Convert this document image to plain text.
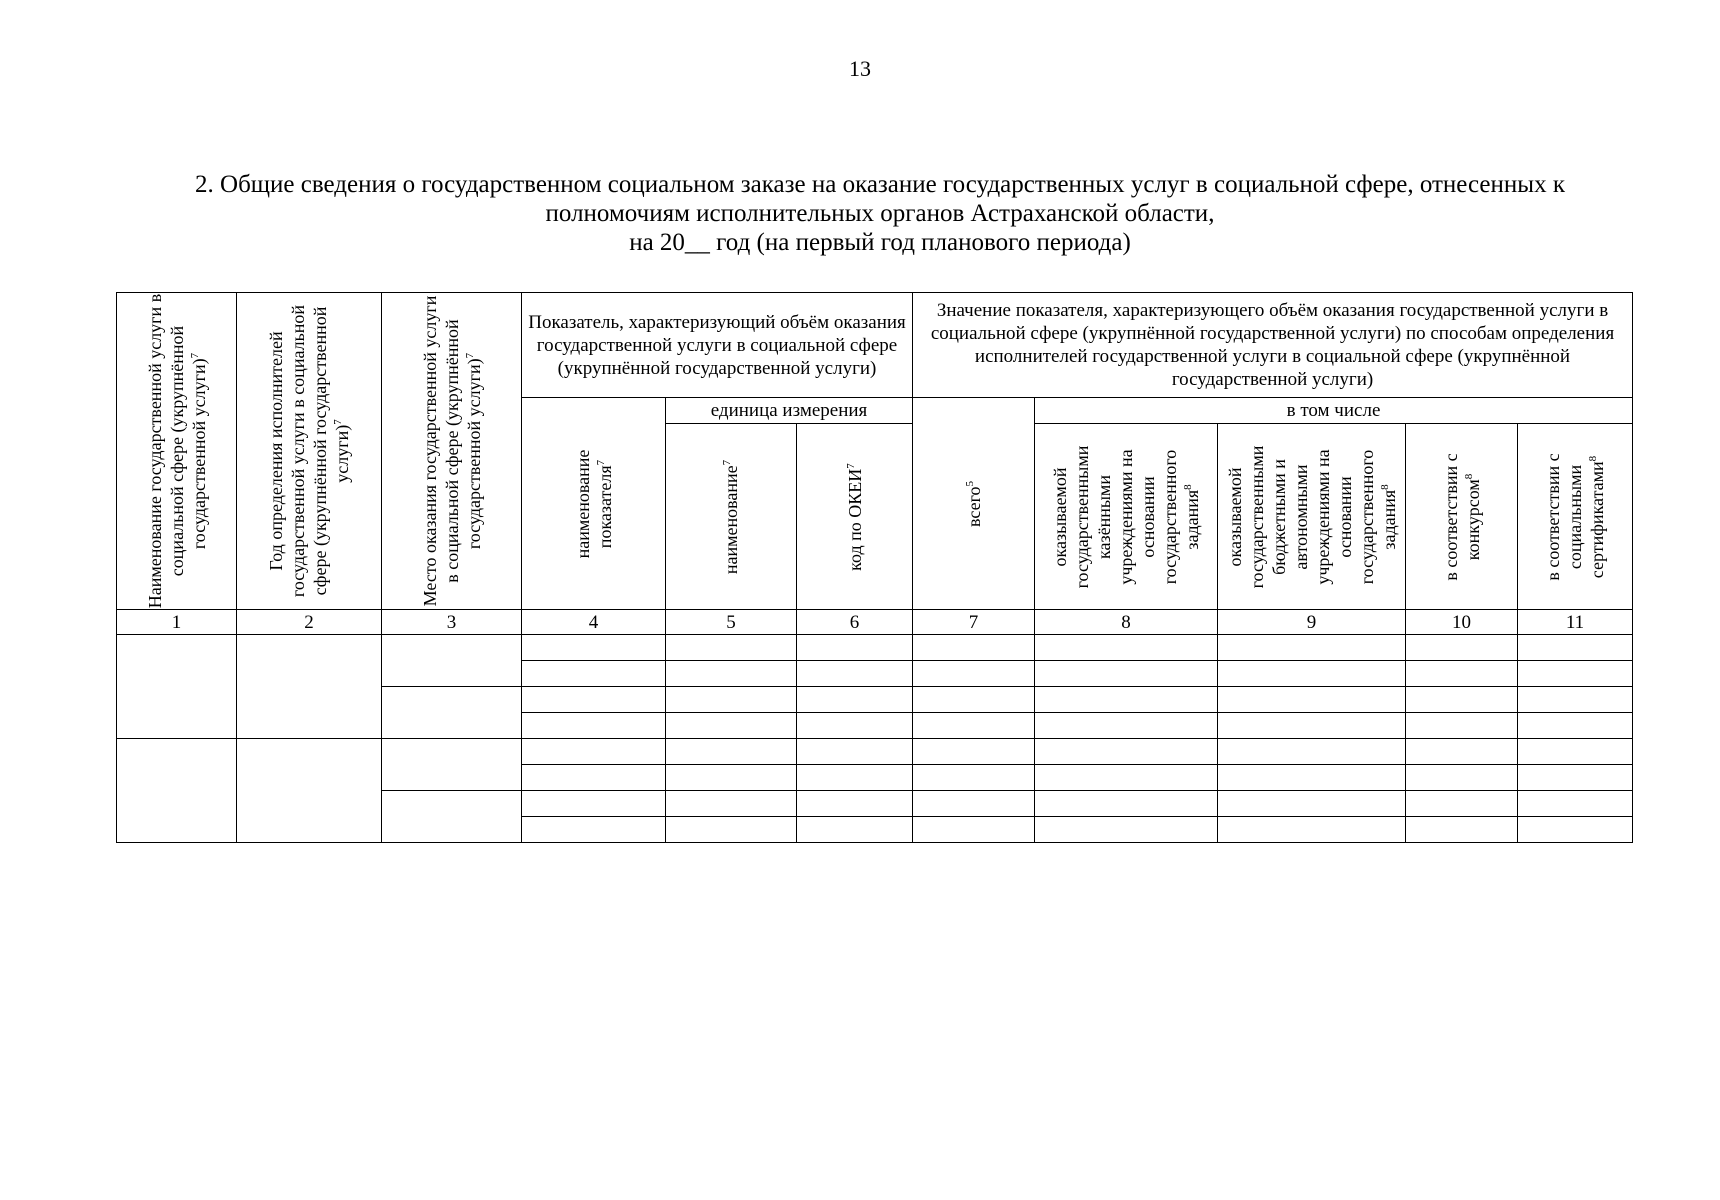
13
2. Общие сведения о государственном социальном заказе на оказание государственных услуг в социальной сфере, отнесенных к
полномочиям исполнительных органов Астраханской области,
на 20__ год (на первый год планового периода)
Наименование государственной услуги в социальной сфере (укрупнённой государственной услуги)$^7$	Год определения исполнителей государственной услуги в социальной сфере (укрупнённой государственной услуги)$^7$	Место оказания государственной услуги в социальной сфере (укрупнённой государственной услуги)$^7$	Показатель, характеризующий объём оказания государственной услуги в социальной сфере (укрупнённой государственной услуги)			Значение показателя, характеризующего объём оказания государственной услуги в социальной сфере (укрупнённой государственной услуги) по способам определения исполнителей государственной услуги в социальной сфере (укрупнённой государственной услуги)				

			наименование показателя$^7$	единица измерения		всего$^5$	в том числе			

				наименование$^7$	код по ОКЕИ$^7$		оказываемой государственными казёнными учреждениями на основании государственного задания$^8$	оказываемой государственными бюджетными и автономными учреждениями на основании государственного задания$^8$	в соответствии с конкурсом$^8$	в соответствии с социальными сертификатами$^8$

1	2	3	4	5	6	7	8	9	10	11
